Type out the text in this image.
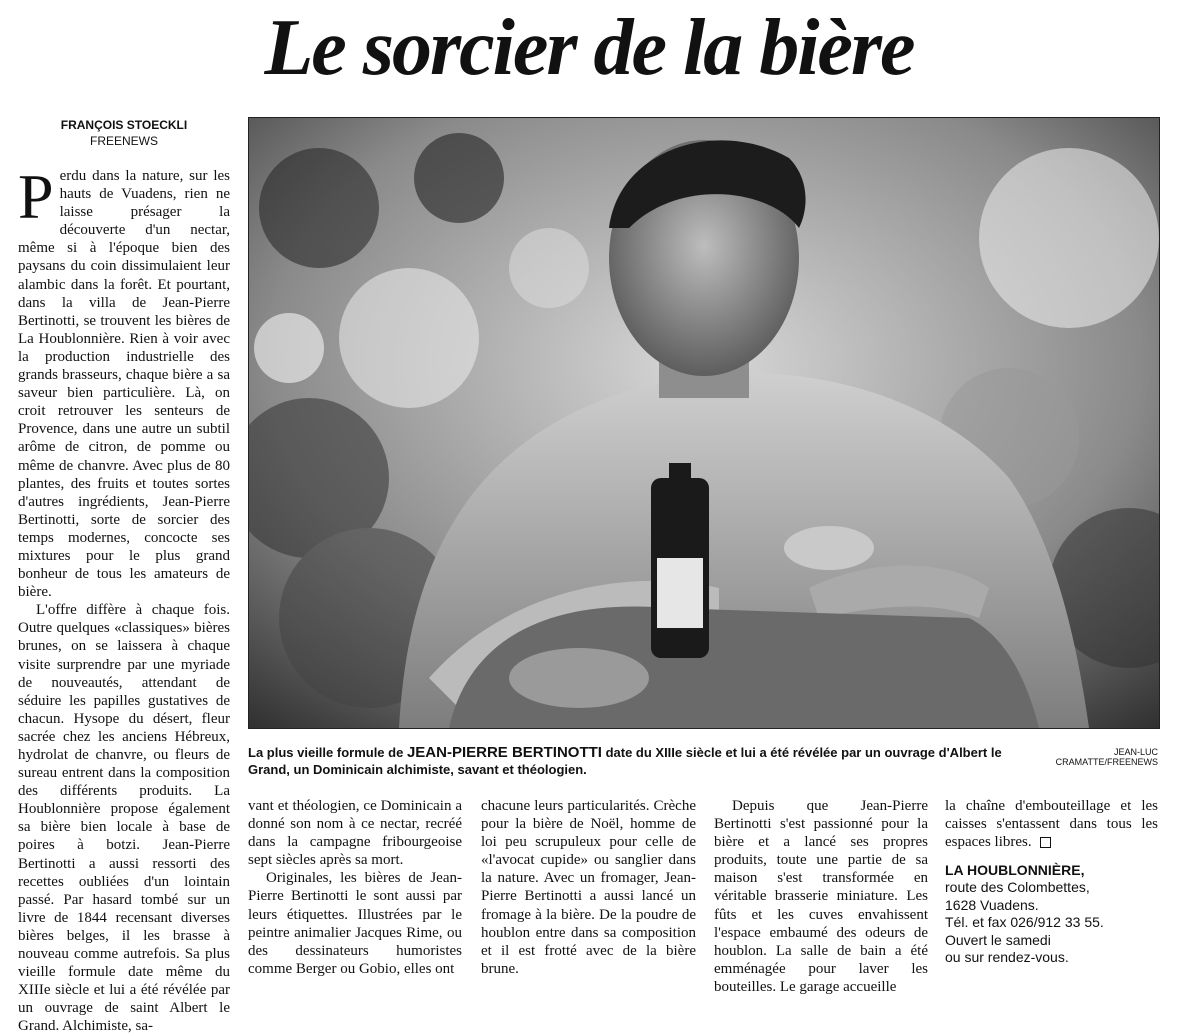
Le sorcier de la bière
FRANÇOIS STOECKLI
FREENEWS

Perdu dans la nature, sur les hauts de Vuadens, rien ne laisse présager la découverte d'un nectar, même si à l'époque bien des paysans du coin dissimulaient leur alambic dans la forêt. Et pourtant, dans la villa de Jean-Pierre Bertinotti, se trouvent les bières de La Houblonnière. Rien à voir avec la production industrielle des grands brasseurs, chaque bière a sa saveur bien particulière. Là, on croit retrouver les senteurs de Provence, dans une autre un subtil arôme de citron, de pomme ou même de chanvre. Avec plus de 80 plantes, des fruits et toutes sortes d'autres ingrédients, Jean-Pierre Bertinotti, sorte de sorcier des temps modernes, concocte ses mixtures pour le plus grand bonheur de tous les amateurs de bière.

L'offre diffère à chaque fois. Outre quelques «classiques» bières brunes, on se laissera à chaque visite surprendre par une myriade de nouveautés, attendant de séduire les papilles gustatives de chacun. Hysope du désert, fleur sacrée chez les anciens Hébreux, hydrolat de chanvre, ou fleurs de sureau entrent dans la composition des différents produits. La Houblonnière propose également sa bière bien locale à base de poires à botzi. Jean-Pierre Bertinotti a aussi ressorti des recettes oubliées d'un lointain passé. Par hasard tombé sur un livre de 1844 recensant diverses bières belges, il les brasse à nouveau comme autrefois. Sa plus vieille formule date même du XIIIe siècle et lui a été révélée par un ouvrage de saint Albert le Grand. Alchimiste, sa-

La plus vieille formule de JEAN-PIERRE BERTINOTTI date du XIIIe siècle et lui a été révélée par un ouvrage d'Albert le Grand, un Dominicain alchimiste, savant et théologien.
JEAN-LUC CRAMATTE/FREENEWS

vant et théologien, ce Dominicain a donné son nom à ce nectar, recréé dans la campagne fribourgeoise sept siècles après sa mort.

Originales, les bières de Jean-Pierre Bertinotti le sont aussi par leurs étiquettes. Illustrées par le peintre animalier Jacques Rime, ou des dessinateurs humoristes comme Berger ou Gobio, elles ont

chacune leurs particularités. Crèche pour la bière de Noël, homme de loi peu scrupuleux pour celle de «l'avocat cupide» ou sanglier dans la nature. Avec un fromager, Jean-Pierre Bertinotti a aussi lancé un fromage à la bière. De la poudre de houblon entre dans sa composition et il est frotté avec de la bière brune.

Depuis que Jean-Pierre Bertinotti s'est passionné pour la bière et a lancé ses propres produits, toute une partie de sa maison s'est transformée en véritable brasserie miniature. Les fûts et les cuves envahissent l'espace embaumé des odeurs de houblon. La salle de bain a été emménagée pour laver les bouteilles. Le garage accueille

la chaîne d'embouteillage et les caisses s'entassent dans tous les espaces libres.

LA HOUBLONNIÈRE,
route des Colombettes,
1628 Vuadens.
Tél. et fax 026/912 33 55.
Ouvert le samedi
ou sur rendez-vous.
